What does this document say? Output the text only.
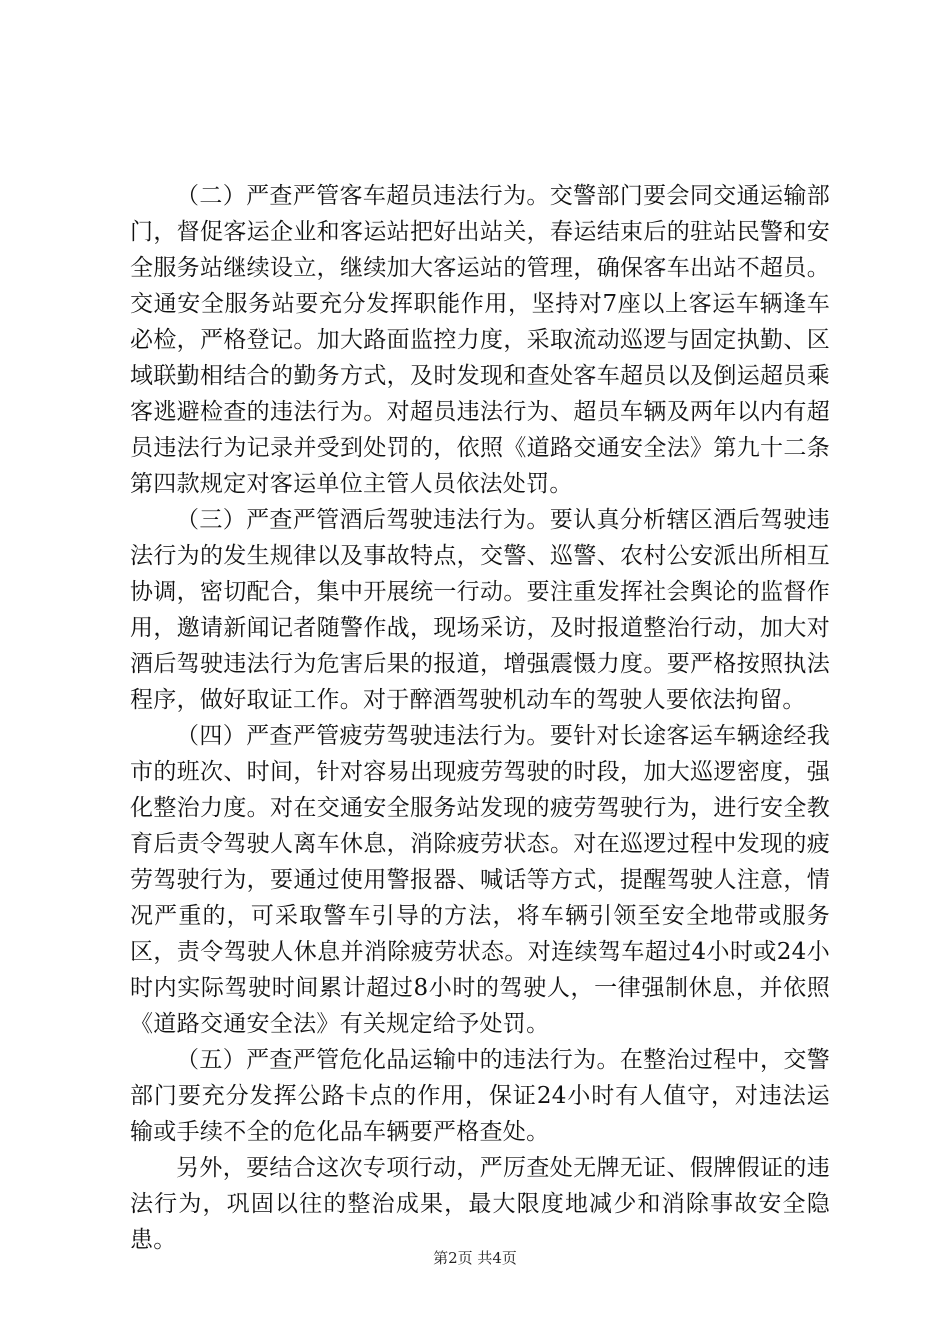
（二）严查严管客车超员违法行为。交警部门要会同交通运输部门，督促客运企业和客运站把好出站关，春运结束后的驻站民警和安全服务站继续设立，继续加大客运站的管理，确保客车出站不超员。交通安全服务站要充分发挥职能作用，坚持对7座以上客运车辆逢车必检，严格登记。加大路面监控力度，采取流动巡逻与固定执勤、区域联勤相结合的勤务方式，及时发现和查处客车超员以及倒运超员乘客逃避检查的违法行为。对超员违法行为、超员车辆及两年以内有超员违法行为记录并受到处罚的，依照《道路交通安全法》第九十二条第四款规定对客运单位主管人员依法处罚。

（三）严查严管酒后驾驶违法行为。要认真分析辖区酒后驾驶违法行为的发生规律以及事故特点，交警、巡警、农村公安派出所相互协调，密切配合，集中开展统一行动。要注重发挥社会舆论的监督作用，邀请新闻记者随警作战，现场采访，及时报道整治行动，加大对酒后驾驶违法行为危害后果的报道，增强震慑力度。要严格按照执法程序，做好取证工作。对于醉酒驾驶机动车的驾驶人要依法拘留。

（四）严查严管疲劳驾驶违法行为。要针对长途客运车辆途经我市的班次、时间，针对容易出现疲劳驾驶的时段，加大巡逻密度，强化整治力度。对在交通安全服务站发现的疲劳驾驶行为，进行安全教育后责令驾驶人离车休息，消除疲劳状态。对在巡逻过程中发现的疲劳驾驶行为，要通过使用警报器、喊话等方式，提醒驾驶人注意，情况严重的，可采取警车引导的方法，将车辆引领至安全地带或服务区，责令驾驶人休息并消除疲劳状态。对连续驾车超过4小时或24小时内实际驾驶时间累计超过8小时的驾驶人，一律强制休息，并依照《道路交通安全法》有关规定给予处罚。

（五）严查严管危化品运输中的违法行为。在整治过程中，交警部门要充分发挥公路卡点的作用，保证24小时有人值守，对违法运输或手续不全的危化品车辆要严格查处。

另外，要结合这次专项行动，严厉查处无牌无证、假牌假证的违法行为，巩固以往的整治成果，最大限度地减少和消除事故安全隐患。

第2页 共4页
